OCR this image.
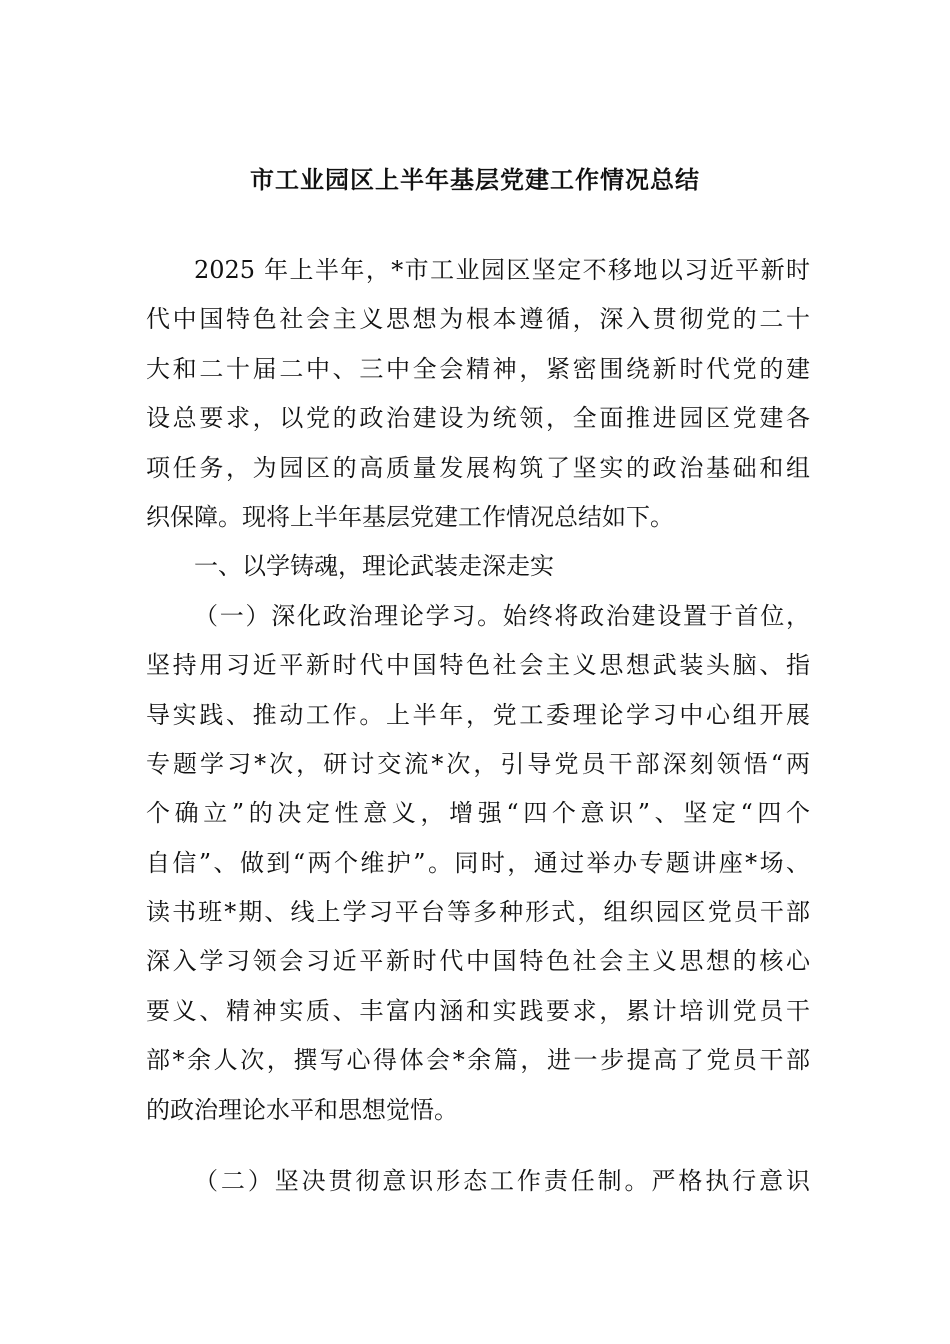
市工业园区上半年基层党建工作情况总结
2025 年上半年，*市工业园区坚定不移地以习近平新时
代中国特色社会主义思想为根本遵循，深入贯彻党的二十
大和二十届二中、三中全会精神，紧密围绕新时代党的建
设总要求，以党的政治建设为统领，全面推进园区党建各
项任务，为园区的高质量发展构筑了坚实的政治基础和组
织保障。现将上半年基层党建工作情况总结如下。
一、以学铸魂，理论武装走深走实
（一）深化政治理论学习。始终将政治建设置于首位，
坚持用习近平新时代中国特色社会主义思想武装头脑、指
导实践、推动工作。上半年，党工委理论学习中心组开展
专题学习*次，研讨交流*次，引导党员干部深刻领悟“两
个确立”的决定性意义，增强“四个意识”、坚定“四个
自信”、做到“两个维护”。同时，通过举办专题讲座*场、
读书班*期、线上学习平台等多种形式，组织园区党员干部
深入学习领会习近平新时代中国特色社会主义思想的核心
要义、精神实质、丰富内涵和实践要求，累计培训党员干
部*余人次，撰写心得体会*余篇，进一步提高了党员干部
的政治理论水平和思想觉悟。
（二）坚决贯彻意识形态工作责任制。严格执行意识
